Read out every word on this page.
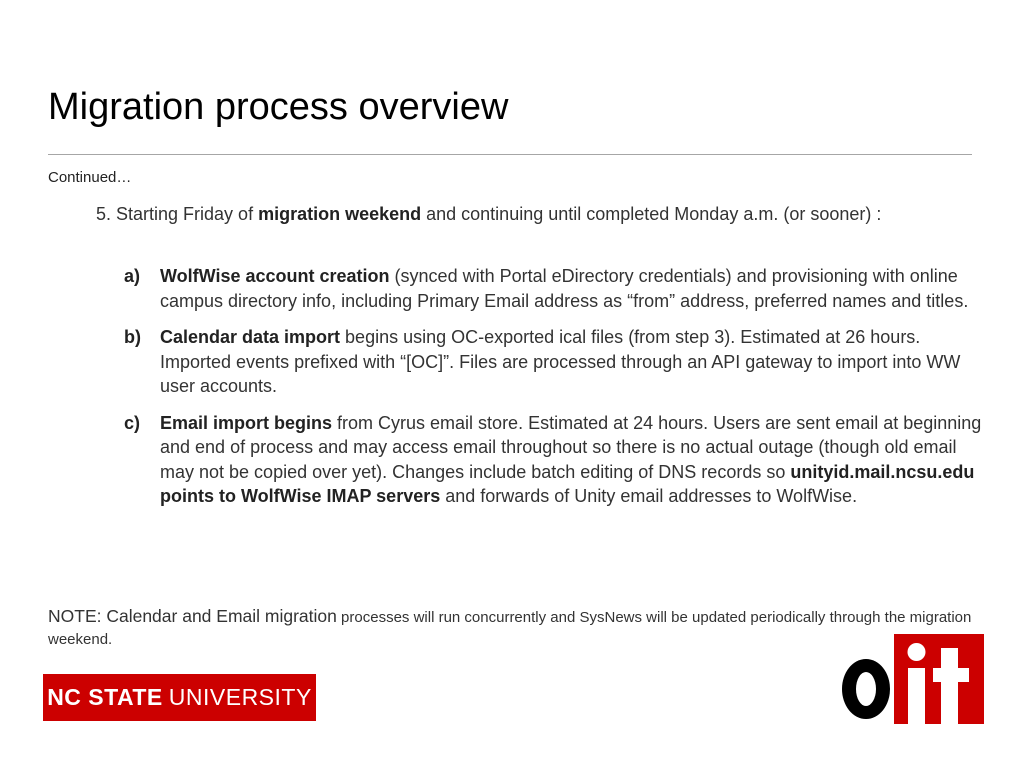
Migration process overview
Continued…
5. Starting Friday of migration weekend and continuing until completed Monday a.m. (or sooner) :
a) WolfWise account creation (synced with Portal eDirectory credentials) and provisioning with online campus directory info, including Primary Email address as “from” address, preferred names and titles.
b) Calendar data import begins using OC-exported ical files (from step 3). Estimated at 26 hours. Imported events prefixed with “[OC]”. Files are processed through an API gateway to import into WW user accounts.
c) Email import begins from Cyrus email store. Estimated at 24 hours. Users are sent email at beginning and end of process and may access email throughout so there is no actual outage (though old email may not be copied over yet). Changes include batch editing of DNS records so unityid.mail.ncsu.edu points to WolfWise IMAP servers and forwards of Unity email addresses to WolfWise.
NOTE: Calendar and Email migration processes will run concurrently and SysNews will be updated periodically through the migration weekend.
NC STATE UNIVERSITY
